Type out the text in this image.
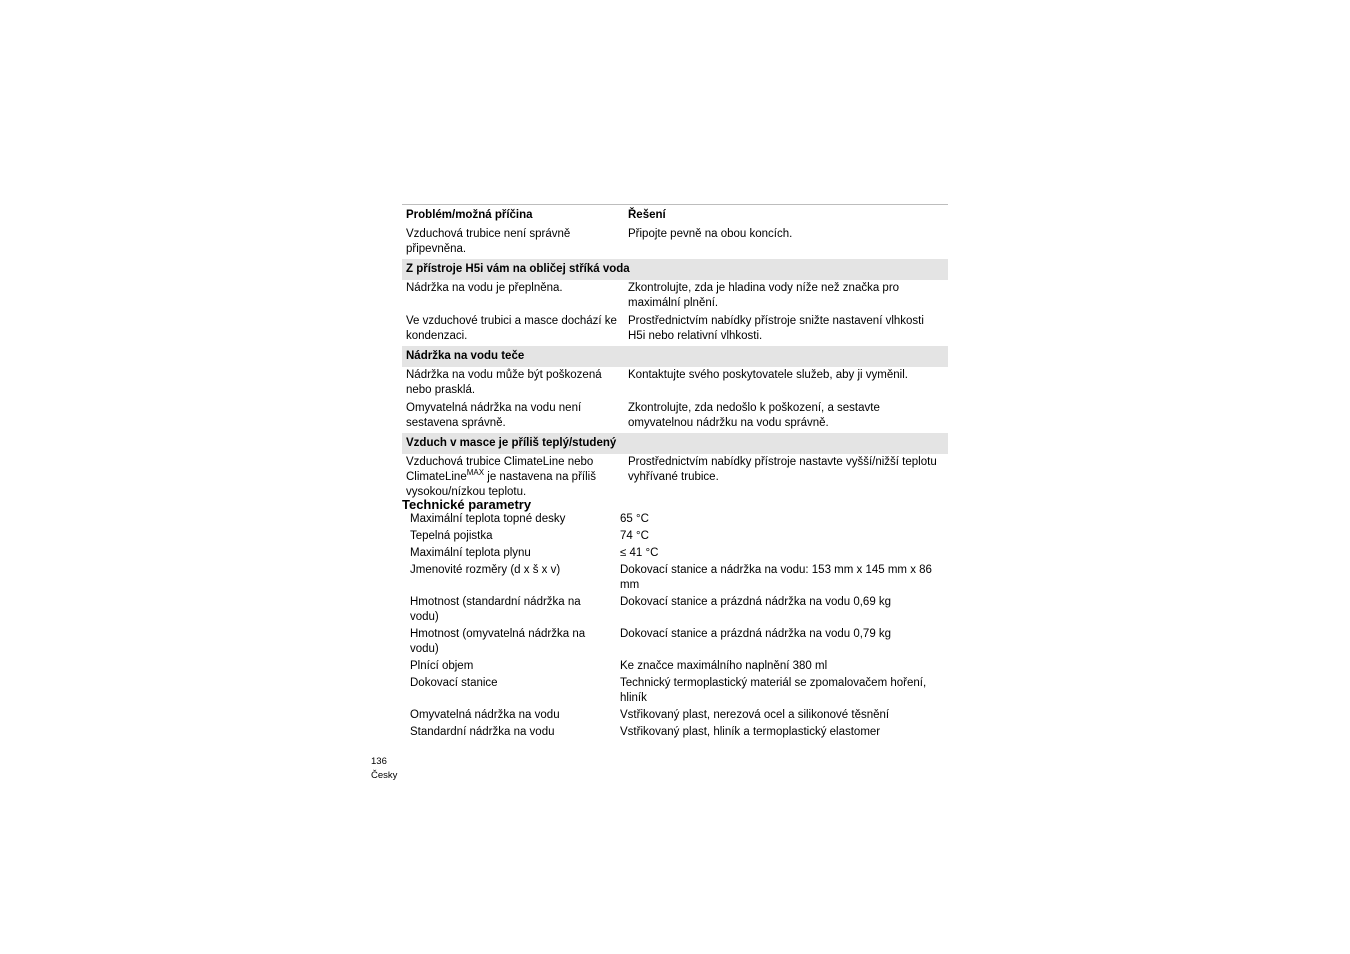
Problém/možná příčina	Řešení
Vzduchová trubice není správně připevněna.	Připojte pevně na obou koncích.
Z přístroje H5i vám na obličej stříká voda	
Nádržka na vodu je přeplněna.	Zkontrolujte, zda je hladina vody níže než značka pro maximální plnění.
Ve vzduchové trubici a masce dochází ke kondenzaci.	Prostřednictvím nabídky přístroje snižte nastavení vlhkosti H5i nebo relativní vlhkosti.
Nádržka na vodu teče	
Nádržka na vodu může být poškozená nebo prasklá.	Kontaktujte svého poskytovatele služeb, aby ji vyměnil.
Omyvatelná nádržka na vodu není sestavena správně.	Zkontrolujte, zda nedošlo k poškození, a sestavte omyvatelnou nádržku na vodu správně.
Vzduch v masce je příliš teplý/studený	
Vzduchová trubice ClimateLine nebo ClimateLine$^{MAX}$ je nastavena na příliš vysokou/nízkou teplotu.	Prostřednictvím nabídky přístroje nastavte vyšší/nižší teplotu vyhřívané trubice.
Technické parametry
Maximální teplota topné desky	65 °C
Tepelná pojistka	74 °C
Maximální teplota plynu	≤ 41 °C
Jmenovité rozměry (d x š x v)	Dokovací stanice a nádržka na vodu: 153 mm x 145 mm x 86 mm
Hmotnost (standardní nádržka na vodu)	Dokovací stanice a prázdná nádržka na vodu 0,69 kg
Hmotnost (omyvatelná nádržka na vodu)	Dokovací stanice a prázdná nádržka na vodu 0,79 kg
Plnící objem	Ke značce maximálního naplnění 380 ml
Dokovací stanice	Technický termoplastický materiál se zpomalovačem hoření, hliník
Omyvatelná nádržka na vodu	Vstřikovaný plast, nerezová ocel a silikonové těsnění
Standardní nádržka na vodu	Vstřikovaný plast, hliník a termoplastický elastomer
136
Česky
